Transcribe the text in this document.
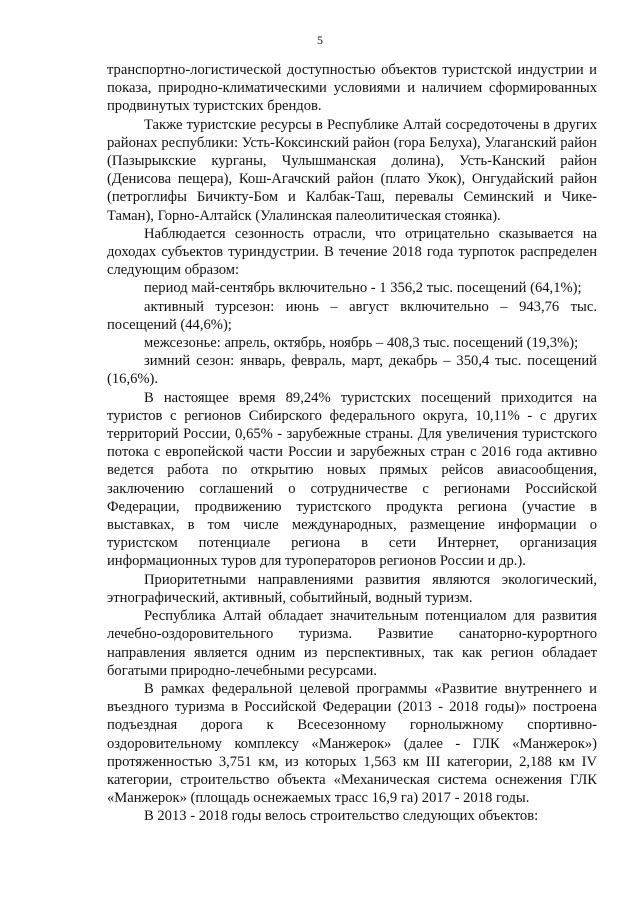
5

транспортно-логистической доступностью объектов туристской индустрии и показа, природно-климатическими условиями и наличием сформированных продвинутых туристских брендов.

Также туристские ресурсы в Республике Алтай сосредоточены в других районах республики: Усть-Коксинский район (гора Белуха), Улаганский район (Пазырыкские курганы, Чулышманская долина), Усть-Канский район (Денисова пещера), Кош-Агачский район (плато Укок), Онгудайский район (петроглифы Бичикту-Бом и Калбак-Таш, перевалы Семинский и Чике-Таман), Горно-Алтайск (Улалинская палеолитическая стоянка).

Наблюдается сезонность отрасли, что отрицательно сказывается на доходах субъектов туриндустрии. В течение 2018 года турпоток распределен следующим образом:

период май-сентябрь включительно - 1 356,2 тыс. посещений (64,1%);

активный турсезон: июнь – август включительно – 943,76 тыс. посещений (44,6%);

межсезонье: апрель, октябрь, ноябрь – 408,3 тыс. посещений (19,3%);

зимний сезон: январь, февраль, март, декабрь – 350,4 тыс. посещений (16,6%).

В настоящее время 89,24% туристских посещений приходится на туристов с регионов Сибирского федерального округа, 10,11% - с других территорий России, 0,65% - зарубежные страны. Для увеличения туристского потока с европейской части России и зарубежных стран с 2016 года активно ведется работа по открытию новых прямых рейсов авиасообщения, заключению соглашений о сотрудничестве с регионами Российской Федерации, продвижению туристского продукта региона (участие в выставках, в том числе международных, размещение информации о туристском потенциале региона в сети Интернет, организация информационных туров для туроператоров регионов России и др.).

Приоритетными направлениями развития являются экологический, этнографический, активный, событийный, водный туризм.

Республика Алтай обладает значительным потенциалом для развития лечебно-оздоровительного туризма. Развитие санаторно-курортного направления является одним из перспективных, так как регион обладает богатыми природно-лечебными ресурсами.

В рамках федеральной целевой программы «Развитие внутреннего и въездного туризма в Российской Федерации (2013 - 2018 годы)» построена подъездная дорога к Всесезонному горнолыжному спортивно-оздоровительному комплексу «Манжерок» (далее - ГЛК «Манжерок») протяженностью 3,751 км, из которых 1,563 км III категории, 2,188 км IV категории, строительство объекта «Механическая система оснежения ГЛК «Манжерок» (площадь оснежаемых трасс 16,9 га) 2017 - 2018 годы.

В 2013 - 2018 годы велось строительство следующих объектов:
